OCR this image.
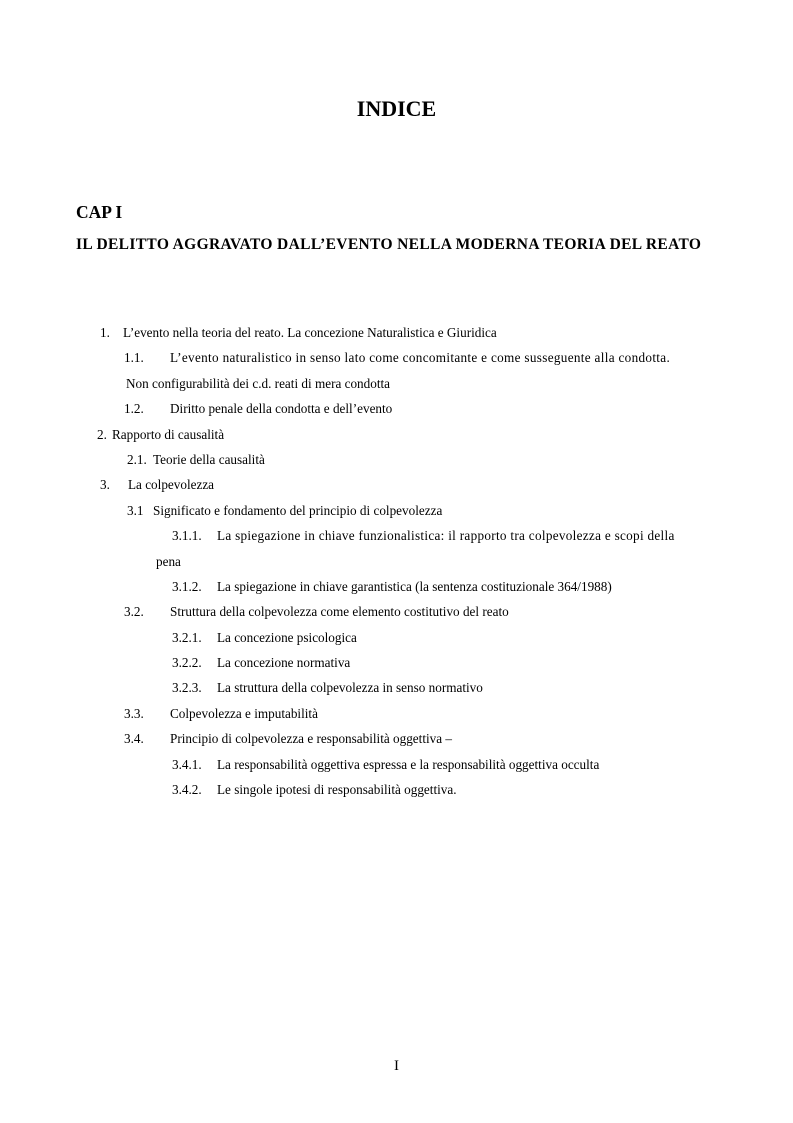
INDICE
CAP I

IL DELITTO AGGRAVATO DALL’EVENTO NELLA MODERNA TEORIA DEL REATO

1. L’evento nella teoria del reato. La concezione Naturalistica e Giuridica
1.1. L’evento naturalistico in senso lato come concomitante e come susseguente alla condotta.
Non configurabilità dei c.d. reati di mera condotta
1.2. Diritto penale della condotta e dell’evento
2. Rapporto di causalità
2.1. Teorie della causalità
3. La colpevolezza
3.1 Significato e fondamento del principio di colpevolezza
3.1.1. La spiegazione in chiave funzionalistica: il rapporto tra colpevolezza e scopi della
pena
3.1.2. La spiegazione in chiave garantistica (la sentenza costituzionale 364/1988)
3.2. Struttura della colpevolezza come elemento costitutivo del reato
3.2.1. La concezione psicologica
3.2.2. La concezione normativa
3.2.3. La struttura della colpevolezza in senso normativo
3.3. Colpevolezza e imputabilità
3.4. Principio di colpevolezza e responsabilità oggettiva –
3.4.1. La responsabilità oggettiva espressa e la responsabilità oggettiva occulta
3.4.2. Le singole ipotesi di responsabilità oggettiva.
I
